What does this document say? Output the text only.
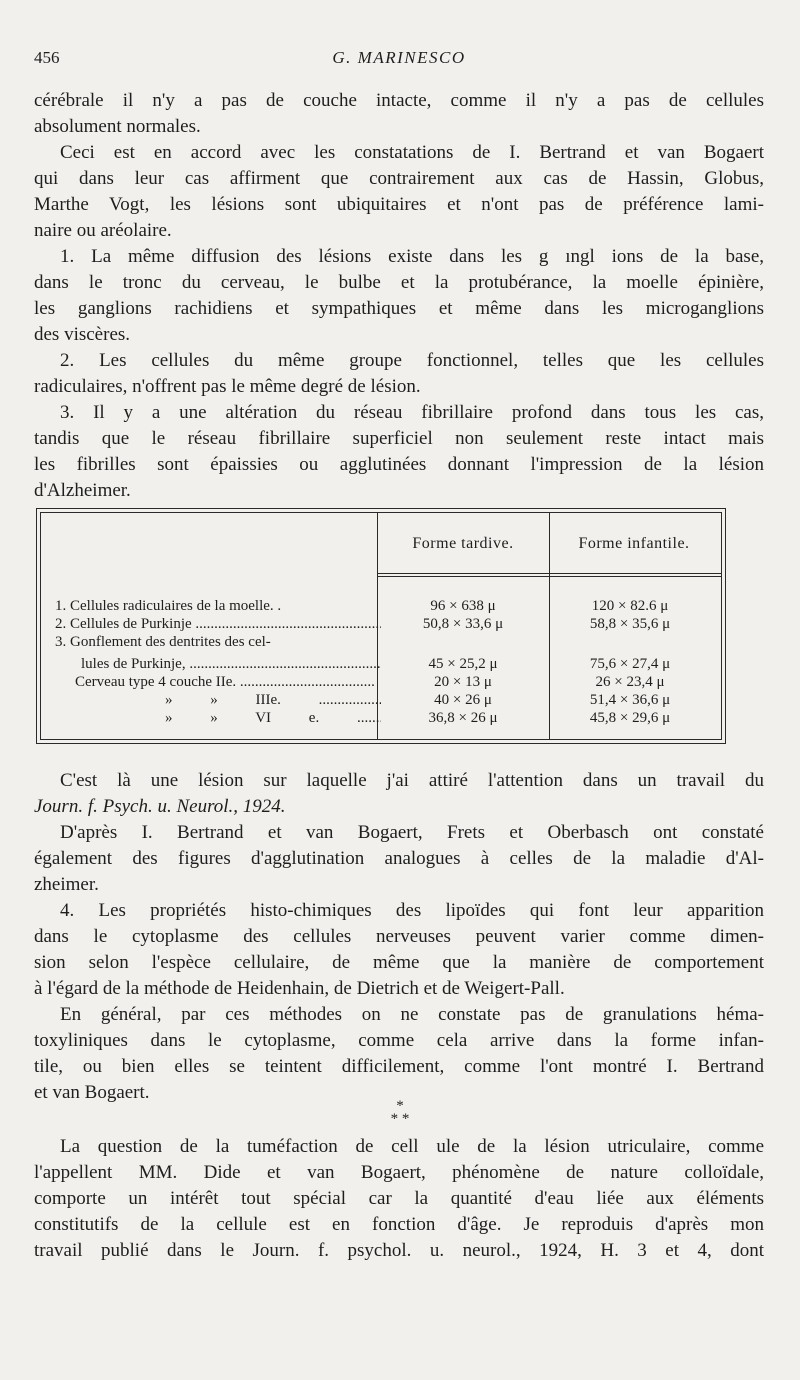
456	G. MARINESCO
cérébrale il n'y a pas de couche intacte, comme il n'y a pas de cellules
absolument normales.
Ceci est en accord avec les constatations de I. Bertrand et van Bogaert
qui dans leur cas affirment que contrairement aux cas de Hassin, Globus,
Marthe Vogt, les lésions sont ubiquitaires et n'ont pas de préférence lami-
naire ou aréolaire.
1. La même diffusion des lésions existe dans les g ıngl ions de la base,
dans le tronc du cerveau, le bulbe et la protubérance, la moelle épinière,
les ganglions rachidiens et sympathiques et même dans les microganglions
des viscères.
2. Les cellules du même groupe fonctionnel, telles que les cellules
radiculaires, n'offrent pas le même degré de lésion.
3. Il y a une altération du réseau fibrillaire profond dans tous les cas,
tandis que le réseau fibrillaire superficiel non seulement reste intact mais
les fibrilles sont épaissies ou agglutinées donnant l'impression de la lésion
d'Alzheimer.
Forme tardive.	Forme infantile.
1. Cellules radiculaires de la moelle. .	96 × 638 μ	120 × 82.6 μ
2. Cellules de Purkinje .....	50,8 × 33,6 μ	58,8 × 35,6 μ
3. Gonflement des dentrites des cel-
lules de Purkinje, .....	45 × 25,2 μ	75,6 × 27,4 μ
Cerveau type 4 couche IIe. .....	20 × 13 μ	26 × 23,4 μ
» » IIIe. .....	40 × 26 μ	51,4 × 36,6 μ
» » VI e. .....	36,8 × 26 μ	45,8 × 29,6 μ
C'est là une lésion sur laquelle j'ai attiré l'attention dans un travail du
Journ. f. Psych. u. Neurol., 1924.
D'après I. Bertrand et van Bogaert, Frets et Oberbasch ont constaté
également des figures d'agglutination analogues à celles de la maladie d'Al-
zheimer.
4. Les propriétés histo-chimiques des lipoïdes qui font leur apparition
dans le cytoplasme des cellules nerveuses peuvent varier comme dimen-
sion selon l'espèce cellulaire, de même que la manière de comportement
à l'égard de la méthode de Heidenhain, de Dietrich et de Weigert-Pall.
En général, par ces méthodes on ne constate pas de granulations héma-
toxyliniques dans le cytoplasme, comme cela arrive dans la forme infan-
tile, ou bien elles se teintent difficilement, comme l'ont montré I. Bertrand
et van Bogaert.
*
* *
La question de la tuméfaction de cell ule de la lésion utriculaire, comme
l'appellent MM. Dide et van Bogaert, phénomène de nature colloïdale,
comporte un intérêt tout spécial car la quantité d'eau liée aux éléments
constitutifs de la cellule est en fonction d'âge. Je reproduis d'après mon
travail publié dans le Journ. f. psychol. u. neurol., 1924, H. 3 et 4, dont
